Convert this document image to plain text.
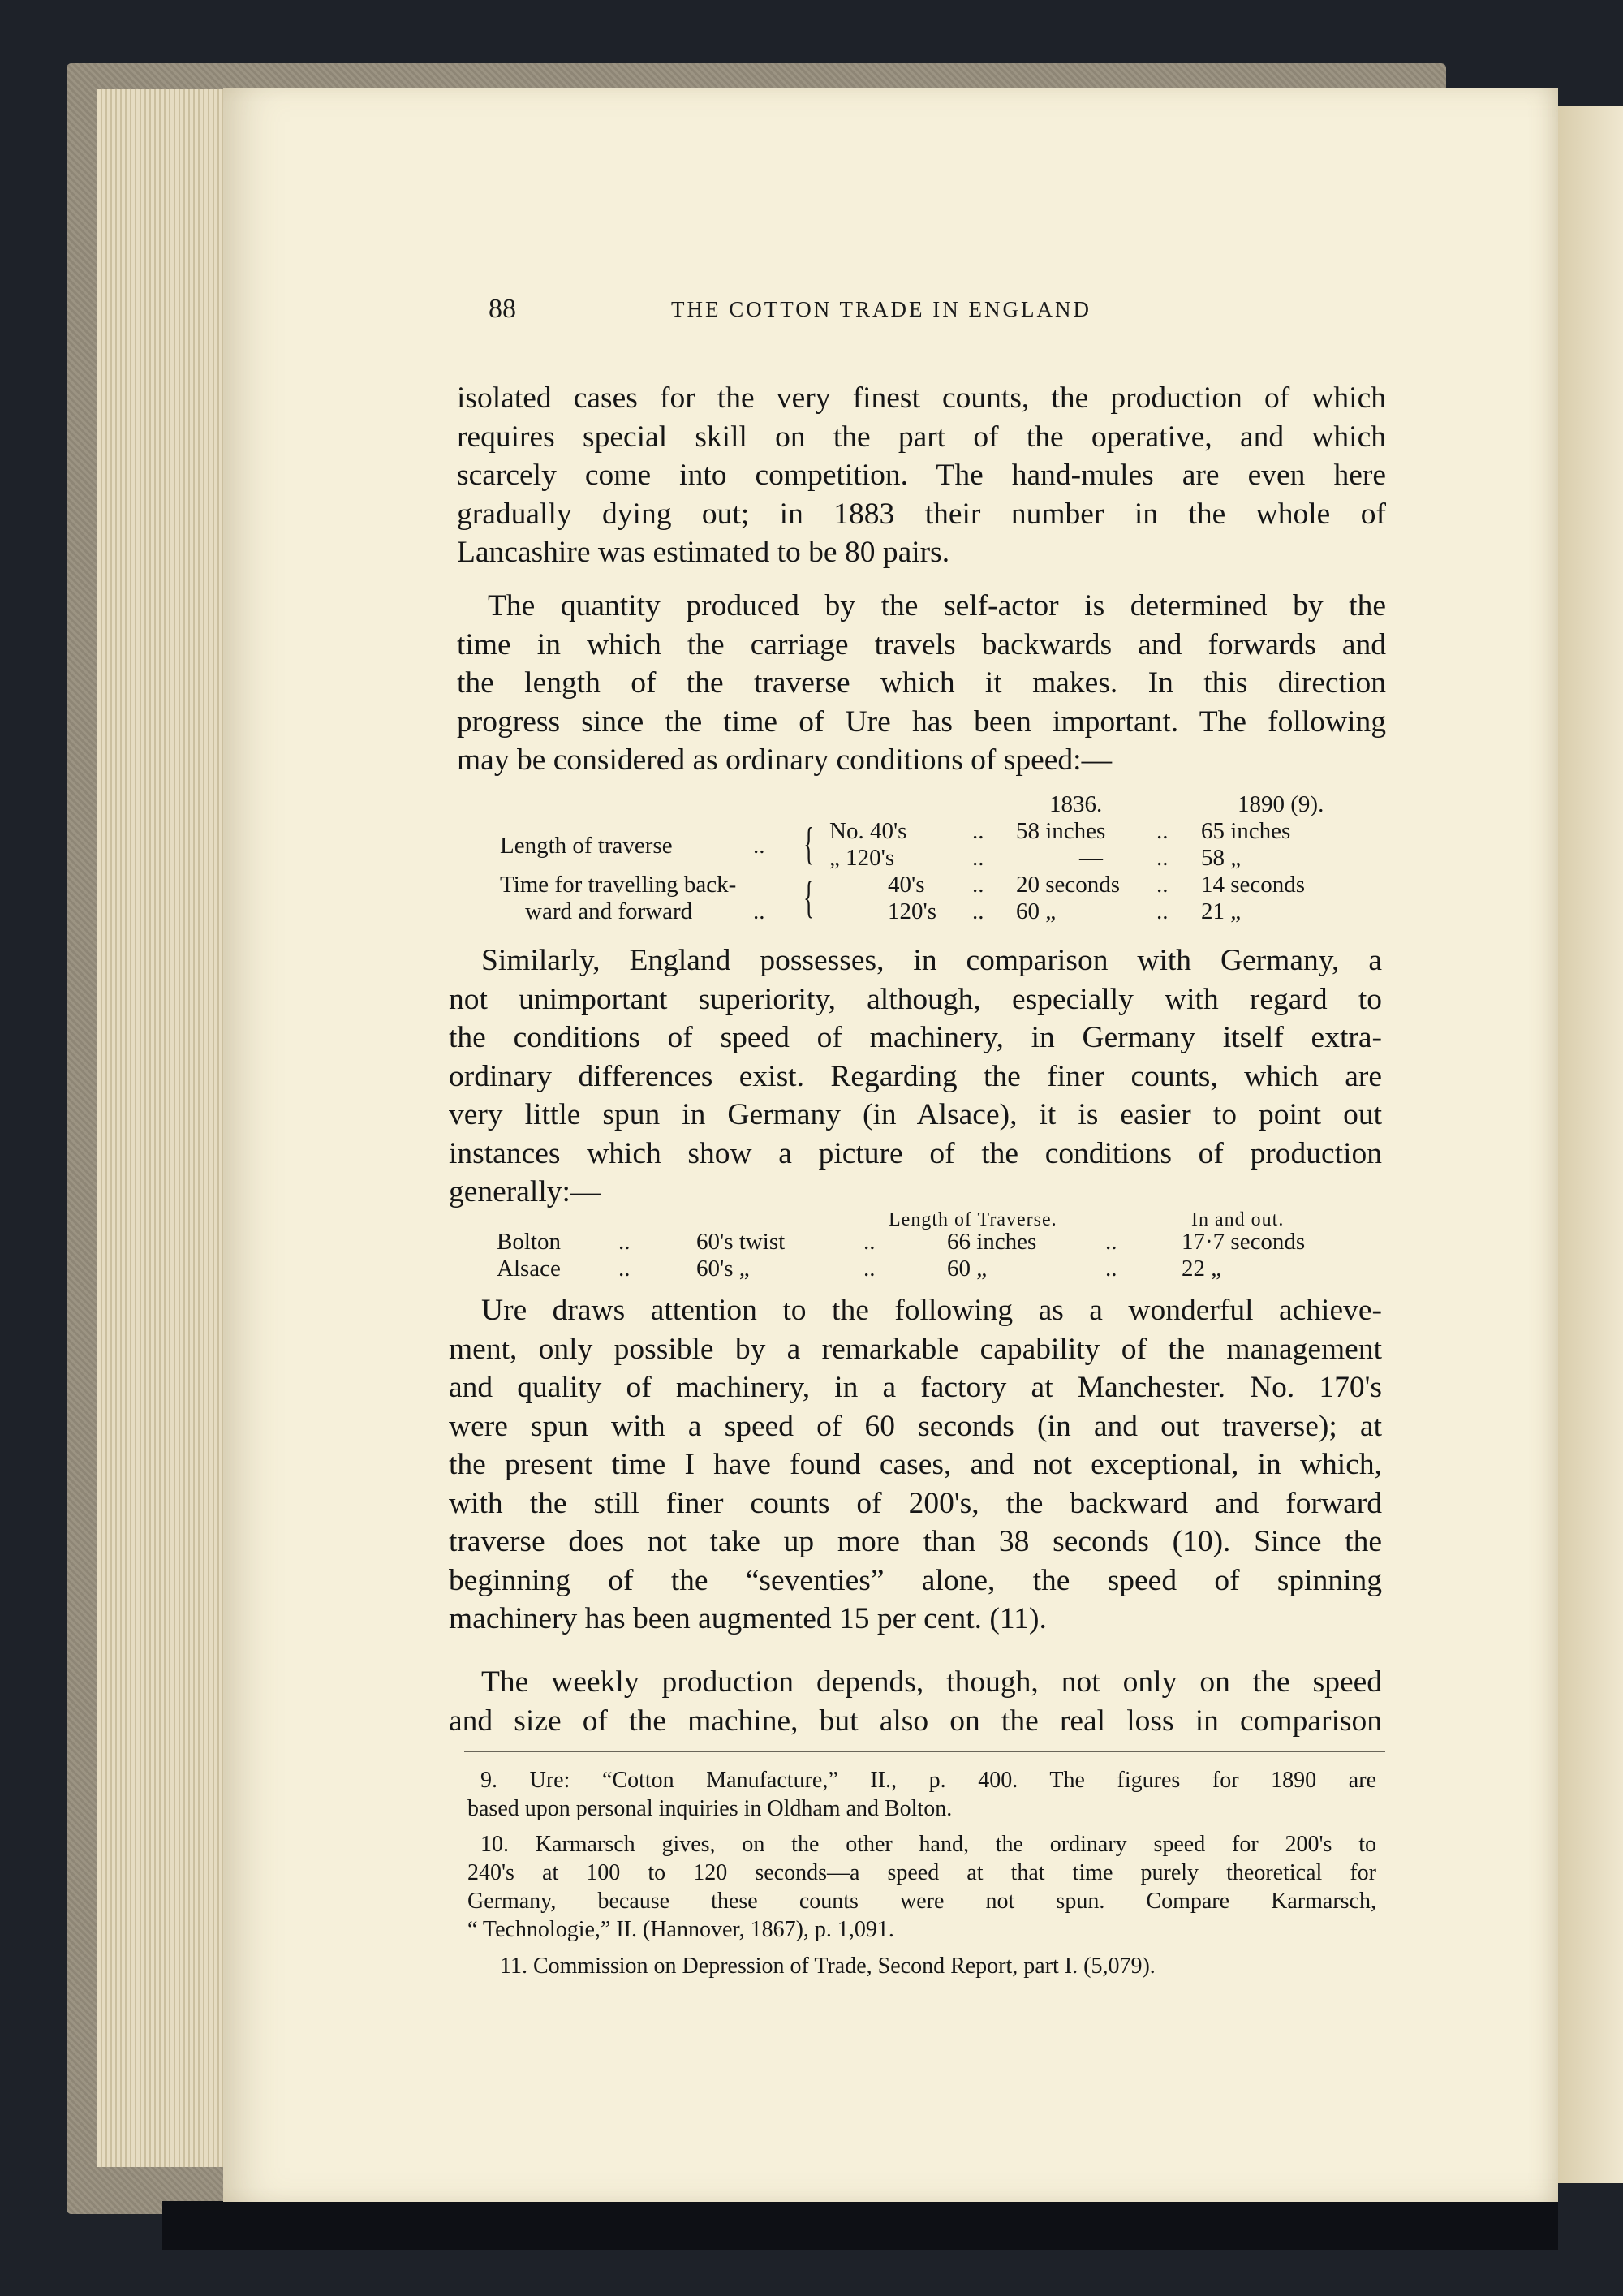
88	THE COTTON TRADE IN ENGLAND
isolated cases for the very finest counts, the production of which
requires special skill on the part of the operative, and which
scarcely come into competition. The hand-mules are even here
gradually dying out; in 1883 their number in the whole of
Lancashire was estimated to be 80 pairs.
The quantity produced by the self-actor is determined by the
time in which the carriage travels backwards and forwards and
the length of the traverse which it makes. In this direction
progress since the time of Ure has been important. The following
may be considered as ordinary conditions of speed:—
1836.	1890 (9).
Length of traverse	.. { No. 40's	.. 58 inches .. 65 inches
„ 120's	..	— .. 58 „
Time for travelling back-
ward and forward	.. {	40's .. 20 seconds .. 14 seconds
120's .. 60 „	.. 21 „
Similarly, England possesses, in comparison with Germany, a
not unimportant superiority, although, especially with regard to
the conditions of speed of machinery, in Germany itself extra-
ordinary differences exist. Regarding the finer counts, which are
very little spun in Germany (in Alsace), it is easier to point out
instances which show a picture of the conditions of production
generally:—
Length of Traverse.	In and out.
Bolton ..	60's twist	..	66 inches	..	17·7 seconds
Alsace ..	60's „	..	60 „	..	22 „
Ure draws attention to the following as a wonderful achieve-
ment, only possible by a remarkable capability of the management
and quality of machinery, in a factory at Manchester. No. 170's
were spun with a speed of 60 seconds (in and out traverse); at
the present time I have found cases, and not exceptional, in which,
with the still finer counts of 200's, the backward and forward
traverse does not take up more than 38 seconds (10). Since the
beginning of the “seventies” alone, the speed of spinning
machinery has been augmented 15 per cent. (11).
The weekly production depends, though, not only on the speed
and size of the machine, but also on the real loss in comparison
9. Ure: “Cotton Manufacture,” II., p. 400. The figures for 1890 are
based upon personal inquiries in Oldham and Bolton.
10. Karmarsch gives, on the other hand, the ordinary speed for 200's to
240's at 100 to 120 seconds—a speed at that time purely theoretical for
Germany, because these counts were not spun. Compare Karmarsch,
“ Technologie,” II. (Hannover, 1867), p. 1,091.
11. Commission on Depression of Trade, Second Report, part I. (5,079).
